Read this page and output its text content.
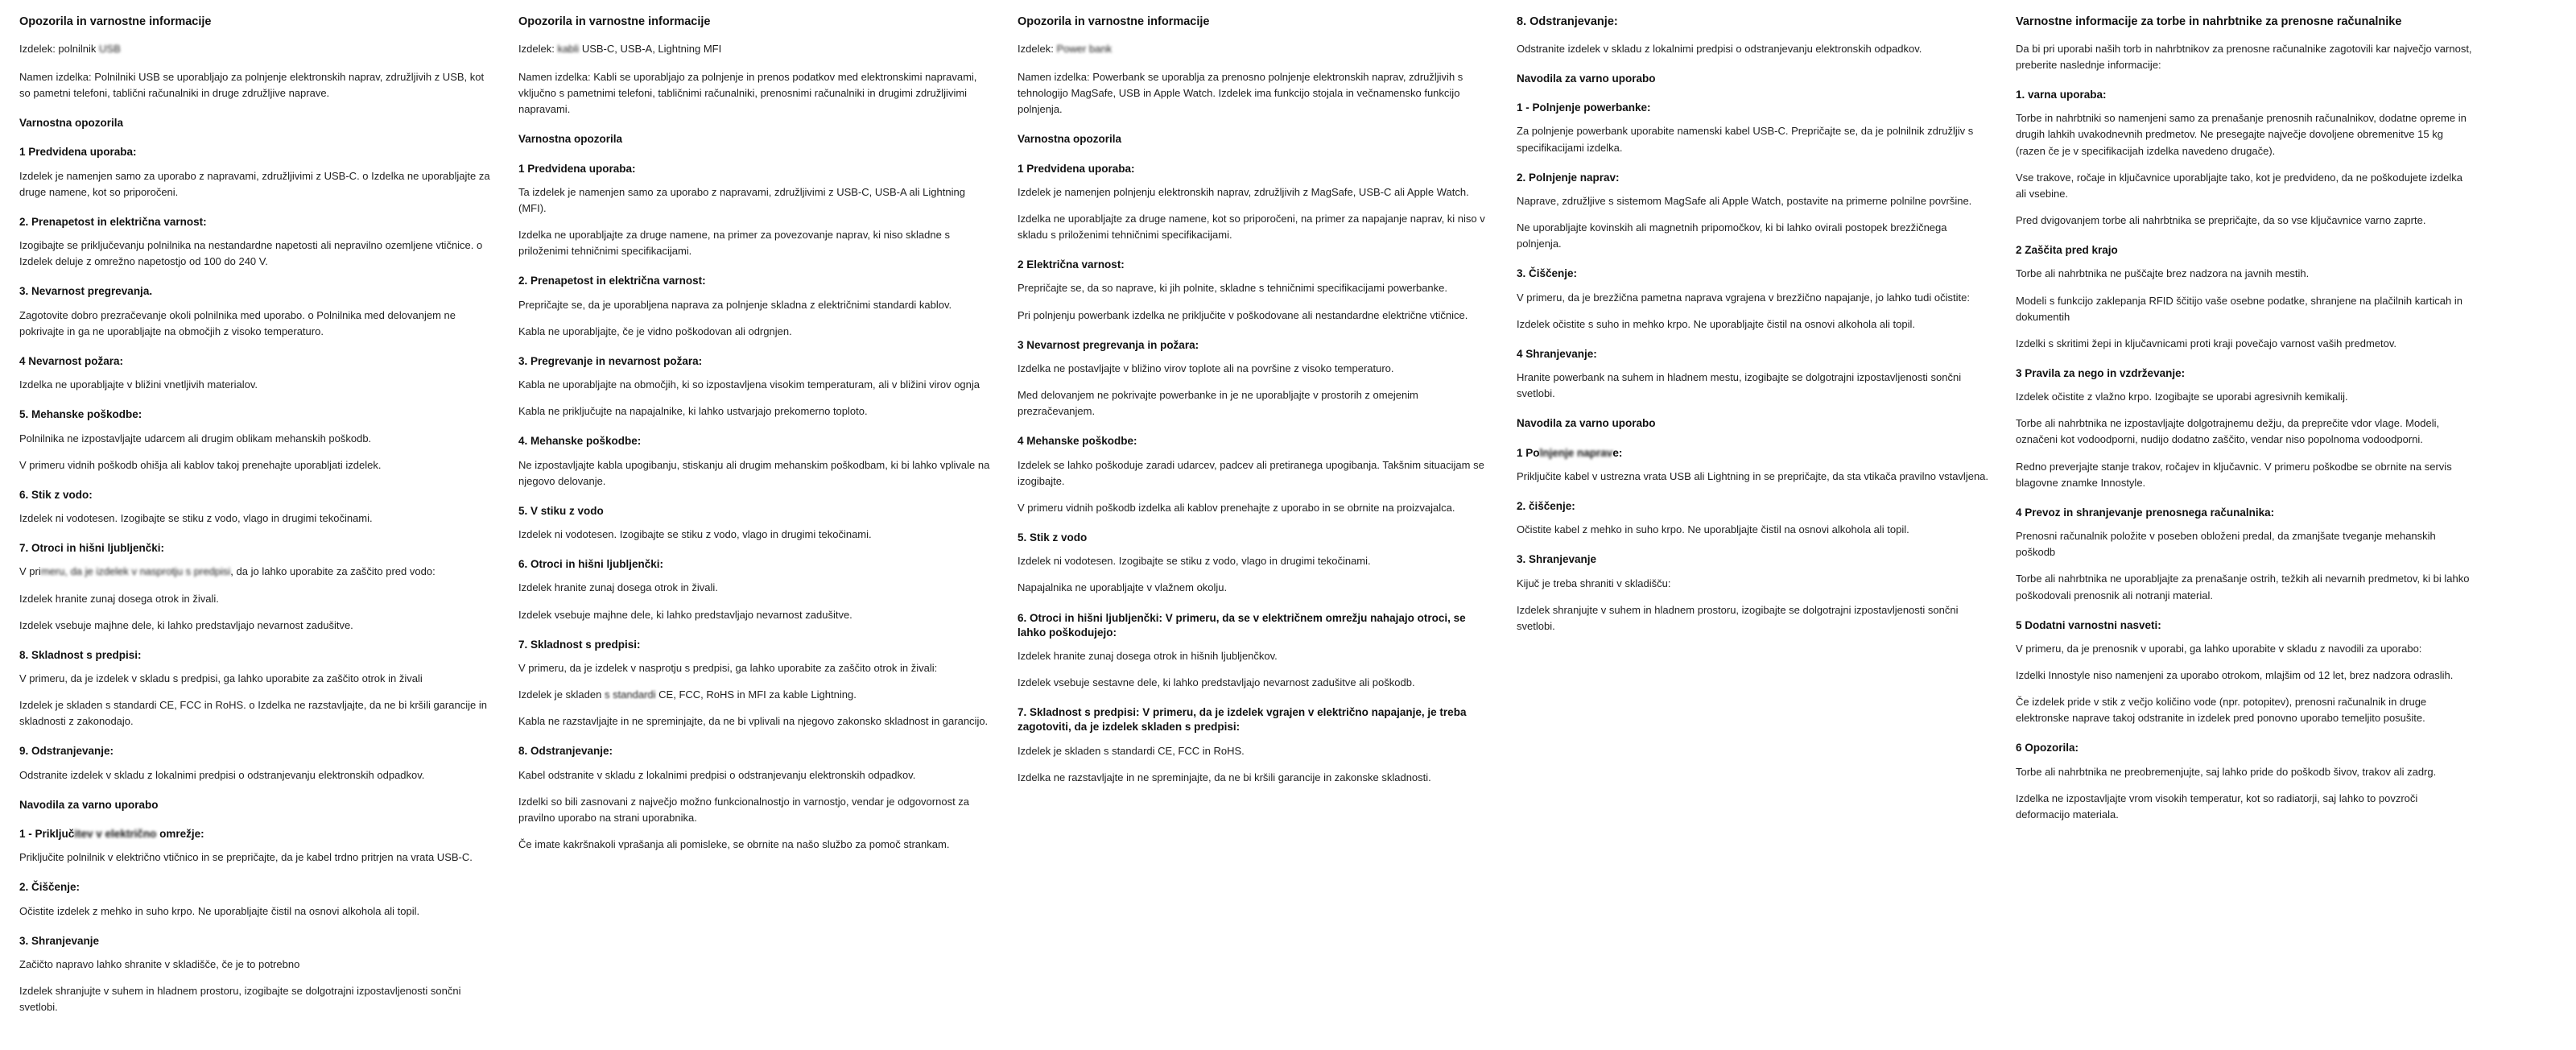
Opozorila in varnostne informacije

Izdelek: polnilnik USB

Namen izdelka: Polnilniki USB se uporabljajo za polnjenje elektronskih naprav, združljivih z USB, kot so pametni telefoni, tablični računalniki in druge združljive naprave.

Varnostna opozorila
1 Predvidena uporaba:

Izdelek je namenjen samo za uporabo z napravami, združljivimi z USB-C. o Izdelka ne uporabljajte za druge namene, kot so priporočeni.

2. Prenapetost in električna varnost:

Izogibajte se priključevanju polnilnika na nestandardne napetosti ali nepravilno ozemljene vtičnice. o Izdelek deluje z omrežno napetostjo od 100 do 240 V.

3. Nevarnost pregrevanja.

Zagotovite dobro prezračevanje okoli polnilnika med uporabo. o Polnilnika med delovanjem ne pokrivajte in ga ne uporabljajte na območjih z visoko temperaturo.

4 Nevarnost požara:

Izdelka ne uporabljajte v bližini vnetljivih materialov.

5. Mehanske poškodbe:

Polnilnika ne izpostavljajte udarcem ali drugim oblikam mehanskih poškodb.

V primeru vidnih poškodb ohišja ali kablov takoj prenehajte uporabljati izdelek.

6. Stik z vodo:

Izdelek ni vodotesen. Izogibajte se stiku z vodo, vlago in drugimi tekočinami.

7. Otroci in hišni ljubljenčki:

V primeru, da je izdelek v nasprotju s predpisi, da jo lahko uporabite za zaščito pred vodo:

Izdelek hranite zunaj dosega otrok in živali.

Izdelek vsebuje majhne dele, ki lahko predstavljajo nevarnost zadušitve.

8. Skladnost s predpisi:

V primeru, da je izdelek v skladu s predpisi, ga lahko uporabite za zaščito otrok in živali

Izdelek je skladen s standardi CE, FCC in RoHS. o Izdelka ne razstavljajte, da ne bi kršili garancije in skladnosti z zakonodajo.

9. Odstranjevanje:

Odstranite izdelek v skladu z lokalnimi predpisi o odstranjevanju elektronskih odpadkov.

Navodila za varno uporabo
1 - Priključitev v električno omrežje:

Priključite polnilnik v električno vtičnico in se prepričajte, da je kabel trdno pritrjen na vrata USB-C.

2. Čiščenje:

Očistite izdelek z mehko in suho krpo. Ne uporabljajte čistil na osnovi alkohola ali topil.

3. Shranjevanje

Začičto napravo lahko shranite v skladišče, če je to potrebno

Izdelek shranjujte v suhem in hladnem prostoru, izogibajte se dolgotrajni izpostavljenosti sončni svetlobi.

Opozorila in varnostne informacije

Izdelek: kabli USB-C, USB-A, Lightning MFI

Namen izdelka: Kabli se uporabljajo za polnjenje in prenos podatkov med elektronskimi napravami, vključno s pametnimi telefoni, tabličnimi računalniki, prenosnimi računalniki in drugimi združljivimi napravami.

Varnostna opozorila
1 Predvidena uporaba:

Ta izdelek je namenjen samo za uporabo z napravami, združljivimi z USB-C, USB-A ali Lightning (MFI).

Izdelka ne uporabljajte za druge namene, na primer za povezovanje naprav, ki niso skladne s priloženimi tehničnimi specifikacijami.

2. Prenapetost in električna varnost:

Prepričajte se, da je uporabljena naprava za polnjenje skladna z električnimi standardi kablov.

Kabla ne uporabljajte, če je vidno poškodovan ali odrgnjen.

3. Pregrevanje in nevarnost požara:

Kabla ne uporabljajte na območjih, ki so izpostavljena visokim temperaturam, ali v bližini virov ognja

Kabla ne priključujte na napajalnike, ki lahko ustvarjajo prekomerno toploto.

4. Mehanske poškodbe:

Ne izpostavljajte kabla upogibanju, stiskanju ali drugim mehanskim poškodbam, ki bi lahko vplivale na njegovo delovanje.

5. V stiku z vodo

Izdelek ni vodotesen. Izogibajte se stiku z vodo, vlago in drugimi tekočinami.

6. Otroci in hišni ljubljenčki:

Izdelek hranite zunaj dosega otrok in živali.

Izdelek vsebuje majhne dele, ki lahko predstavljajo nevarnost zadušitve.

7. Skladnost s predpisi:

V primeru, da je izdelek v nasprotju s predpisi, ga lahko uporabite za zaščito otrok in živali:

Izdelek je skladen s standardi CE, FCC, RoHS in MFI za kable Lightning.

Kabla ne razstavljajte in ne spreminjajte, da ne bi vplivali na njegovo zakonsko skladnost in garancijo.

8. Odstranjevanje:

Kabel odstranite v skladu z lokalnimi predpisi o odstranjevanju elektronskih odpadkov.

Izdelki so bili zasnovani z največjo možno funkcionalnostjo in varnostjo, vendar je odgovornost za pravilno uporabo na strani uporabnika.

Če imate kakršnakoli vprašanja ali pomisleke, se obrnite na našo službo za pomoč strankam.

Opozorila in varnostne informacije

Izdelek: Power bank

Namen izdelka: Powerbank se uporablja za prenosno polnjenje elektronskih naprav, združljivih s tehnologijo MagSafe, USB in Apple Watch. Izdelek ima funkcijo stojala in večnamensko funkcijo polnjenja.

Varnostna opozorila
1 Predvidena uporaba:

Izdelek je namenjen polnjenju elektronskih naprav, združljivih z MagSafe, USB-C ali Apple Watch.

Izdelka ne uporabljajte za druge namene, kot so priporočeni, na primer za napajanje naprav, ki niso v skladu s priloženimi tehničnimi specifikacijami.

2 Električna varnost:

Prepričajte se, da so naprave, ki jih polnite, skladne s tehničnimi specifikacijami powerbanke.

Pri polnjenju powerbank izdelka ne priključite v poškodovane ali nestandardne električne vtičnice.

3 Nevarnost pregrevanja in požara:

Izdelka ne postavljajte v bližino virov toplote ali na površine z visoko temperaturo.

Med delovanjem ne pokrivajte powerbanke in je ne uporabljajte v prostorih z omejenim prezračevanjem.

4 Mehanske poškodbe:

Izdelek se lahko poškoduje zaradi udarcev, padcev ali pretiranega upogibanja. Takšnim situacijam se izogibajte.

V primeru vidnih poškodb izdelka ali kablov prenehajte z uporabo in se obrnite na proizvajalca.

5. Stik z vodo

Izdelek ni vodotesen. Izogibajte se stiku z vodo, vlago in drugimi tekočinami.

Napajalnika ne uporabljajte v vlažnem okolju.

6. Otroci in hišni ljubljenčki: V primeru, da se v električnem omrežju nahajajo otroci, se lahko poškodujejo:

Izdelek hranite zunaj dosega otrok in hišnih ljubljenčkov.

Izdelek vsebuje sestavne dele, ki lahko predstavljajo nevarnost zadušitve ali poškodb.

7. Skladnost s predpisi: V primeru, da je izdelek vgrajen v električno napajanje, je treba zagotoviti, da je izdelek skladen s predpisi:

Izdelek je skladen s standardi CE, FCC in RoHS.

Izdelka ne razstavljajte in ne spreminjajte, da ne bi kršili garancije in zakonske skladnosti.

8. Odstranjevanje:

Odstranite izdelek v skladu z lokalnimi predpisi o odstranjevanju elektronskih odpadkov.

Navodila za varno uporabo
1 - Polnjenje powerbanke:

Za polnjenje powerbank uporabite namenski kabel USB-C. Prepričajte se, da je polnilnik združljiv s specifikacijami izdelka.

2. Polnjenje naprav:

Naprave, združljive s sistemom MagSafe ali Apple Watch, postavite na primerne polnilne površine.

Ne uporabljajte kovinskih ali magnetnih pripomočkov, ki bi lahko ovirali postopek brezžičnega polnjenja.

3. Čiščenje:

V primeru, da je brezžična pametna naprava vgrajena v brezžično napajanje, jo lahko tudi očistite:

Izdelek očistite s suho in mehko krpo. Ne uporabljajte čistil na osnovi alkohola ali topil.

4 Shranjevanje:

Hranite powerbank na suhem in hladnem mestu, izogibajte se dolgotrajni izpostavljenosti sončni svetlobi.

Navodila za varno uporabo
1 Polnjenje naprave:

Priključite kabel v ustrezna vrata USB ali Lightning in se prepričajte, da sta vtikača pravilno vstavljena.

2. čiščenje:

Očistite kabel z mehko in suho krpo. Ne uporabljajte čistil na osnovi alkohola ali topil.

3. Shranjevanje

Kijuč je treba shraniti v skladišču:

Izdelek shranjujte v suhem in hladnem prostoru, izogibajte se dolgotrajni izpostavljenosti sončni svetlobi.

Varnostne informacije za torbe in nahrbtnike za prenosne računalnike

Da bi pri uporabi naših torb in nahrbtnikov za prenosne računalnike zagotovili kar največjo varnost, preberite naslednje informacije:

1. varna uporaba:

Torbe in nahrbtniki so namenjeni samo za prenašanje prenosnih računalnikov, dodatne opreme in drugih lahkih uvakodnevnih predmetov. Ne presegajte največje dovoljene obremenitve 15 kg (razen če je v specifikacijah izdelka navedeno drugače).

Vse trakove, ročaje in ključavnice uporabljajte tako, kot je predvideno, da ne poškodujete izdelka ali vsebine.

Pred dvigovanjem torbe ali nahrbtnika se prepričajte, da so vse ključavnice varno zaprte.

2 Zaščita pred krajo

Torbe ali nahrbtnika ne puščajte brez nadzora na javnih mestih.

Modeli s funkcijo zaklepanja RFID ščitijo vaše osebne podatke, shranjene na plačilnih karticah in dokumentih

Izdelki s skritimi žepi in ključavnicami proti kraji povečajo varnost vaših predmetov.

3 Pravila za nego in vzdrževanje:

Izdelek očistite z vlažno krpo. Izogibajte se uporabi agresivnih kemikalij.

Torbe ali nahrbtnika ne izpostavljajte dolgotrajnemu dežju, da preprečite vdor vlage. Modeli, označeni kot vodoodporni, nudijo dodatno zaščito, vendar niso popolnoma vodoodporni.

Redno preverjajte stanje trakov, ročajev in ključavnic. V primeru poškodbe se obrnite na servis blagovne znamke Innostyle.

4 Prevoz in shranjevanje prenosnega računalnika:

Prenosni računalnik položite v poseben obloženi predal, da zmanjšate tveganje mehanskih poškodb

Torbe ali nahrbtnika ne uporabljajte za prenašanje ostrih, težkih ali nevarnih predmetov, ki bi lahko poškodovali prenosnik ali notranji material.

5 Dodatni varnostni nasveti:

V primeru, da je prenosnik v uporabi, ga lahko uporabite v skladu z navodili za uporabo:

Izdelki Innostyle niso namenjeni za uporabo otrokom, mlajšim od 12 let, brez nadzora odraslih.

Če izdelek pride v stik z večjo količino vode (npr. potopitev), prenosni računalnik in druge elektronske naprave takoj odstranite in izdelek pred ponovno uporabo temeljito posušite.

6 Opozorila:

Torbe ali nahrbtnika ne preobremenjujte, saj lahko pride do poškodb šivov, trakov ali zadrg.

Izdelka ne izpostavljajte vrom visokih temperatur, kot so radiatorji, saj lahko to povzroči deformacijo materiala.
